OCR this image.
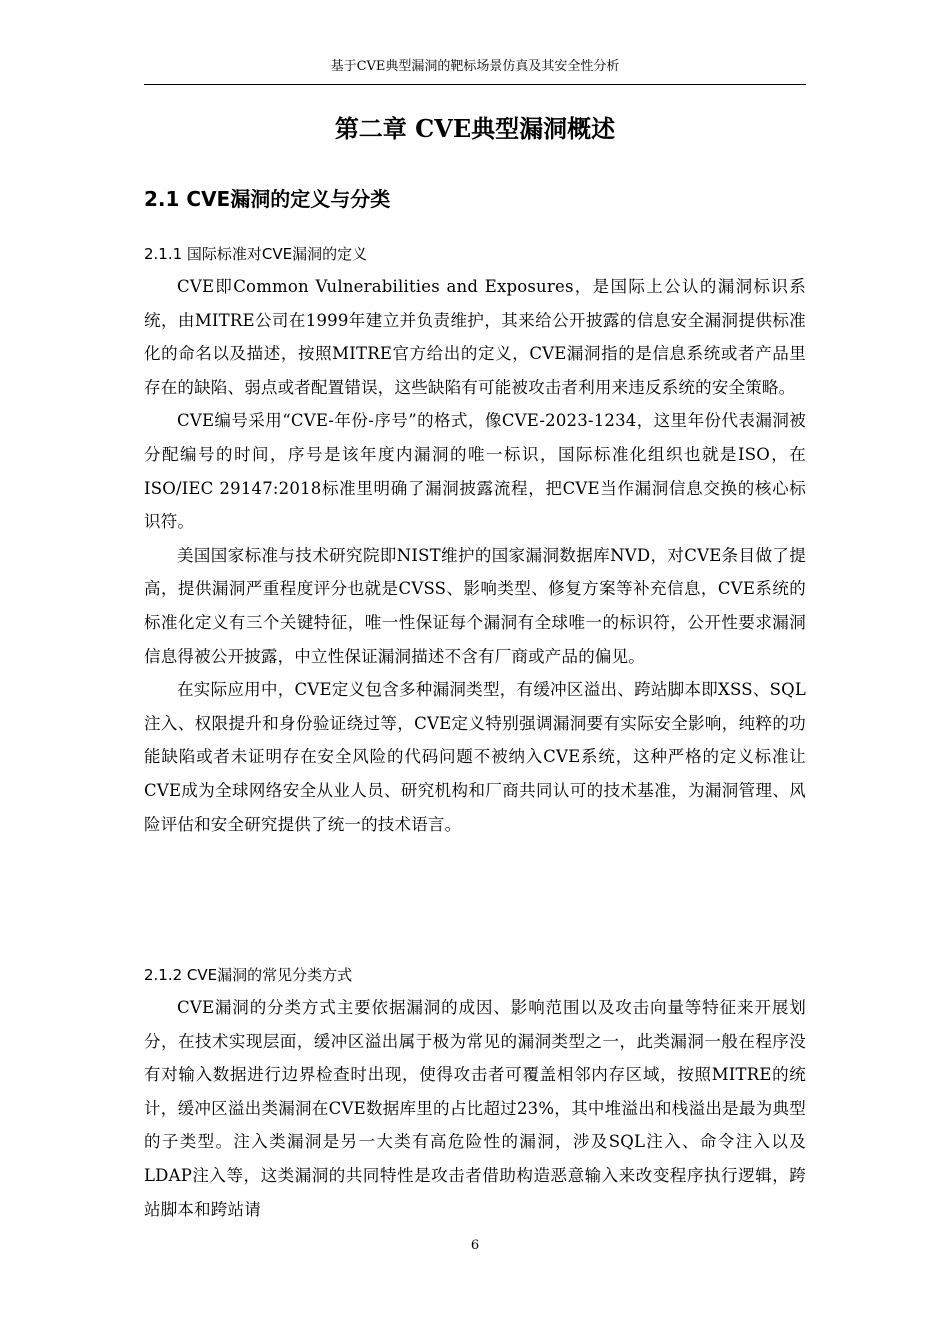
基于CVE典型漏洞的靶标场景仿真及其安全性分析
第二章 CVE典型漏洞概述
2.1 CVE漏洞的定义与分类
2.1.1 国际标准对CVE漏洞的定义

CVE即Common Vulnerabilities and Exposures，是国际上公认的漏洞标识系统，由MITRE公司在1999年建立并负责维护，其来给公开披露的信息安全漏洞提供标准化的命名以及描述，按照MITRE官方给出的定义，CVE漏洞指的是信息系统或者产品里存在的缺陷、弱点或者配置错误，这些缺陷有可能被攻击者利用来违反系统的安全策略。

CVE编号采用“CVE-年份-序号”的格式，像CVE-2023-1234，这里年份代表漏洞被分配编号的时间，序号是该年度内漏洞的唯一标识，国际标准化组织也就是ISO，在ISO/IEC 29147:2018标准里明确了漏洞披露流程，把CVE当作漏洞信息交换的核心标识符。

美国国家标准与技术研究院即NIST维护的国家漏洞数据库NVD，对CVE条目做了提高，提供漏洞严重程度评分也就是CVSS、影响类型、修复方案等补充信息，CVE系统的标准化定义有三个关键特征，唯一性保证每个漏洞有全球唯一的标识符，公开性要求漏洞信息得被公开披露，中立性保证漏洞描述不含有厂商或产品的偏见。

在实际应用中，CVE定义包含多种漏洞类型，有缓冲区溢出、跨站脚本即XSS、SQL注入、权限提升和身份验证绕过等，CVE定义特别强调漏洞要有实际安全影响，纯粹的功能缺陷或者未证明存在安全风险的代码问题不被纳入CVE系统，这种严格的定义标准让CVE成为全球网络安全从业人员、研究机构和厂商共同认可的技术基准，为漏洞管理、风险评估和安全研究提供了统一的技术语言。

2.1.2 CVE漏洞的常见分类方式

CVE漏洞的分类方式主要依据漏洞的成因、影响范围以及攻击向量等特征来开展划分，在技术实现层面，缓冲区溢出属于极为常见的漏洞类型之一，此类漏洞一般在程序没有对输入数据进行边界检查时出现，使得攻击者可覆盖相邻内存区域，按照MITRE的统计，缓冲区溢出类漏洞在CVE数据库里的占比超过23%，其中堆溢出和栈溢出是最为典型的子类型。注入类漏洞是另一大类有高危险性的漏洞，涉及SQL注入、命令注入以及LDAP注入等，这类漏洞的共同特性是攻击者借助构造恶意输入来改变程序执行逻辑，跨站脚本和跨站请

6
